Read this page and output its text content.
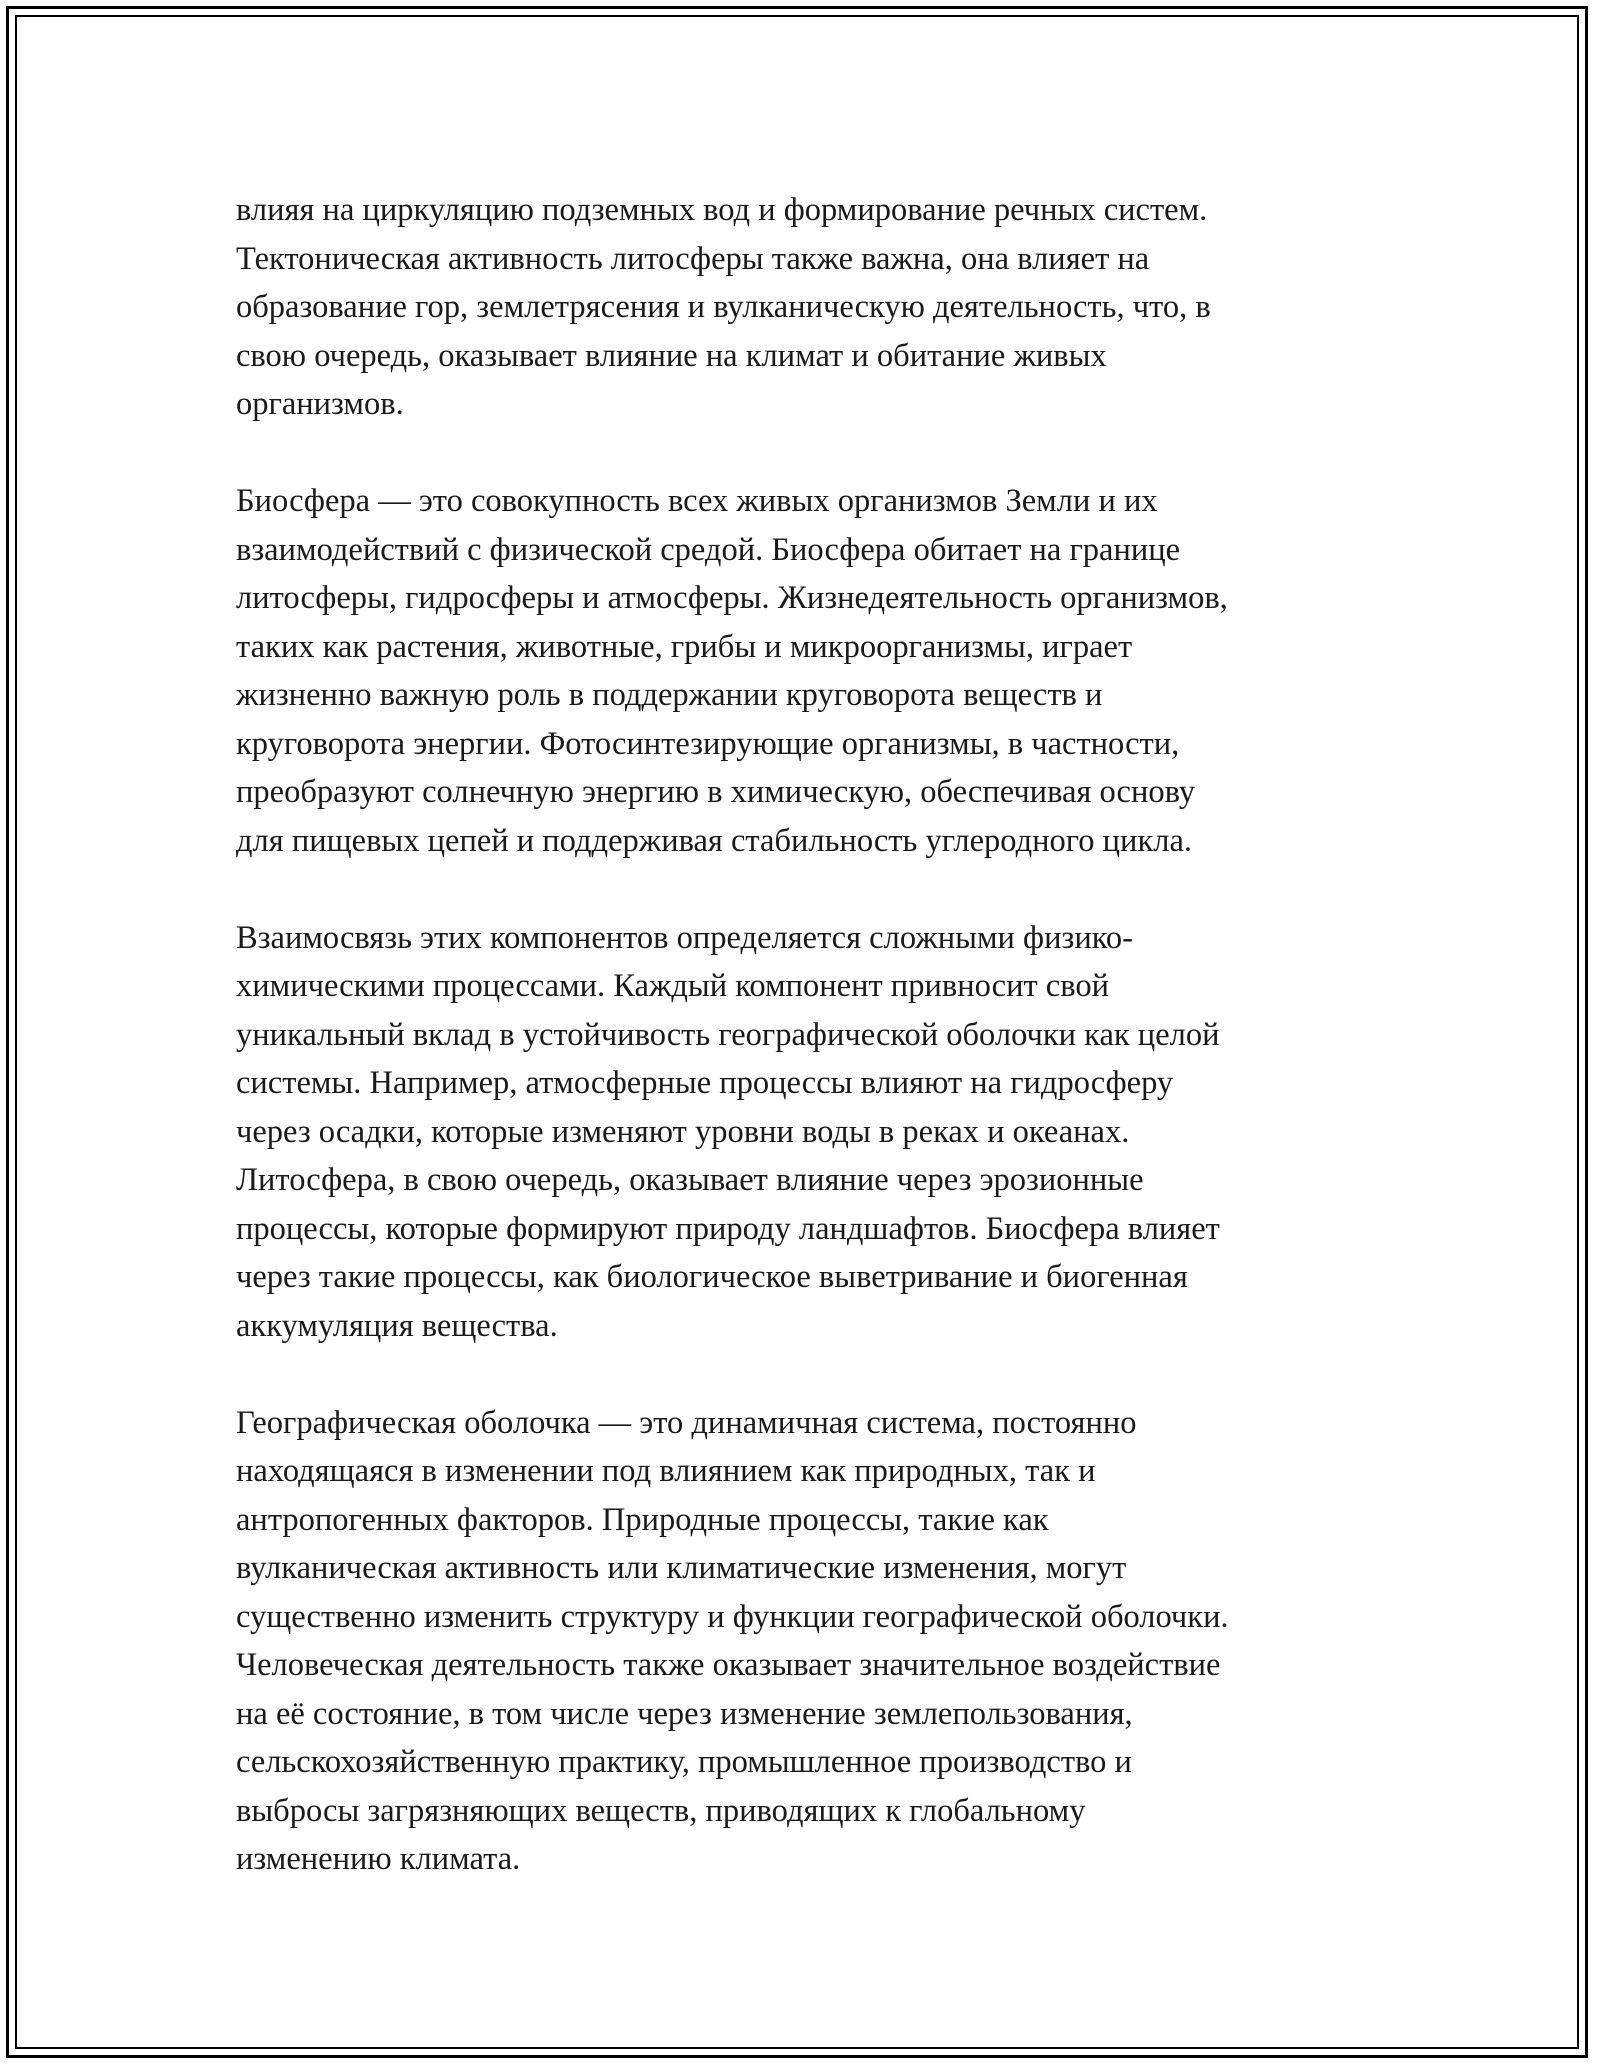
влияя на циркуляцию подземных вод и формирование речных систем.
Тектоническая активность литосферы также важна, она влияет на
образование гор, землетрясения и вулканическую деятельность, что, в
свою очередь, оказывает влияние на климат и обитание живых
организмов.

Биосфера — это совокупность всех живых организмов Земли и их
взаимодействий с физической средой. Биосфера обитает на границе
литосферы, гидросферы и атмосферы. Жизнедеятельность организмов,
таких как растения, животные, грибы и микроорганизмы, играет
жизненно важную роль в поддержании круговорота веществ и
круговорота энергии. Фотосинтезирующие организмы, в частности,
преобразуют солнечную энергию в химическую, обеспечивая основу
для пищевых цепей и поддерживая стабильность углеродного цикла.

Взаимосвязь этих компонентов определяется сложными физико-
химическими процессами. Каждый компонент привносит свой
уникальный вклад в устойчивость географической оболочки как целой
системы. Например, атмосферные процессы влияют на гидросферу
через осадки, которые изменяют уровни воды в реках и океанах.
Литосфера, в свою очередь, оказывает влияние через эрозионные
процессы, которые формируют природу ландшафтов. Биосфера влияет
через такие процессы, как биологическое выветривание и биогенная
аккумуляция вещества.

Географическая оболочка — это динамичная система, постоянно
находящаяся в изменении под влиянием как природных, так и
антропогенных факторов. Природные процессы, такие как
вулканическая активность или климатические изменения, могут
существенно изменить структуру и функции географической оболочки.
Человеческая деятельность также оказывает значительное воздействие
на её состояние, в том числе через изменение землепользования,
сельскохозяйственную практику, промышленное производство и
выбросы загрязняющих веществ, приводящих к глобальному
изменению климата.
